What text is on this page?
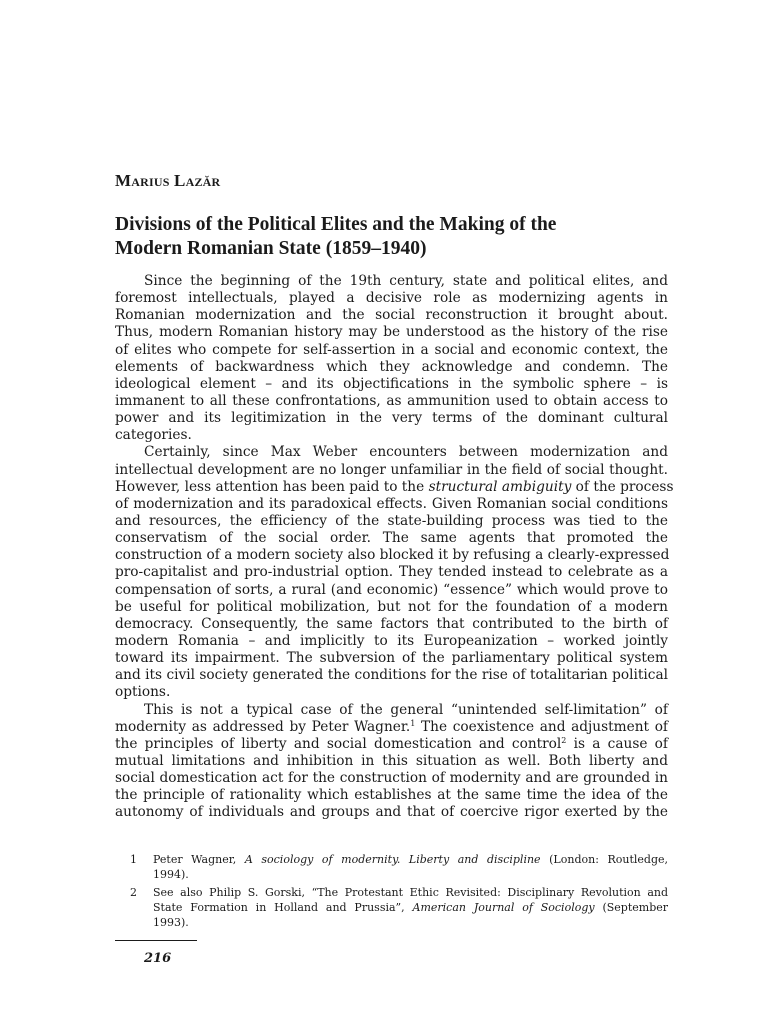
Marius Lazăr
Divisions of the Political Elites and the Making of the
Modern Romanian State (1859–1940)
Since the beginning of the 19th century, state and political elites, and
foremost intellectuals, played a decisive role as modernizing agents in
Romanian modernization and the social reconstruction it brought about.
Thus, modern Romanian history may be understood as the history of the rise
of elites who compete for self-assertion in a social and economic context, the
elements of backwardness which they acknowledge and condemn. The
ideological element – and its objectifications in the symbolic sphere – is
immanent to all these confrontations, as ammunition used to obtain access to
power and its legitimization in the very terms of the dominant cultural
categories.
Certainly, since Max Weber encounters between modernization and
intellectual development are no longer unfamiliar in the field of social thought.
However, less attention has been paid to the structural ambiguity of the process
of modernization and its paradoxical effects. Given Romanian social conditions
and resources, the efficiency of the state-building process was tied to the
conservatism of the social order. The same agents that promoted the
construction of a modern society also blocked it by refusing a clearly-expressed
pro-capitalist and pro-industrial option. They tended instead to celebrate as a
compensation of sorts, a rural (and economic) “essence” which would prove to
be useful for political mobilization, but not for the foundation of a modern
democracy. Consequently, the same factors that contributed to the birth of
modern Romania – and implicitly to its Europeanization – worked jointly
toward its impairment. The subversion of the parliamentary political system
and its civil society generated the conditions for the rise of totalitarian political
options.
This is not a typical case of the general “unintended self-limitation” of
modernity as addressed by Peter Wagner.$^1$ The coexistence and adjustment of
the principles of liberty and social domestication and control$^2$ is a cause of
mutual limitations and inhibition in this situation as well. Both liberty and
social domestication act for the construction of modernity and are grounded in
the principle of rationality which establishes at the same time the idea of the
autonomy of individuals and groups and that of coercive rigor exerted by the
1 Peter Wagner, A sociology of modernity. Liberty and discipline (London: Routledge,
1994).
2 See also Philip S. Gorski, “The Protestant Ethic Revisited: Disciplinary Revolution and
State Formation in Holland and Prussia”, American Journal of Sociology (September
1993).
216
